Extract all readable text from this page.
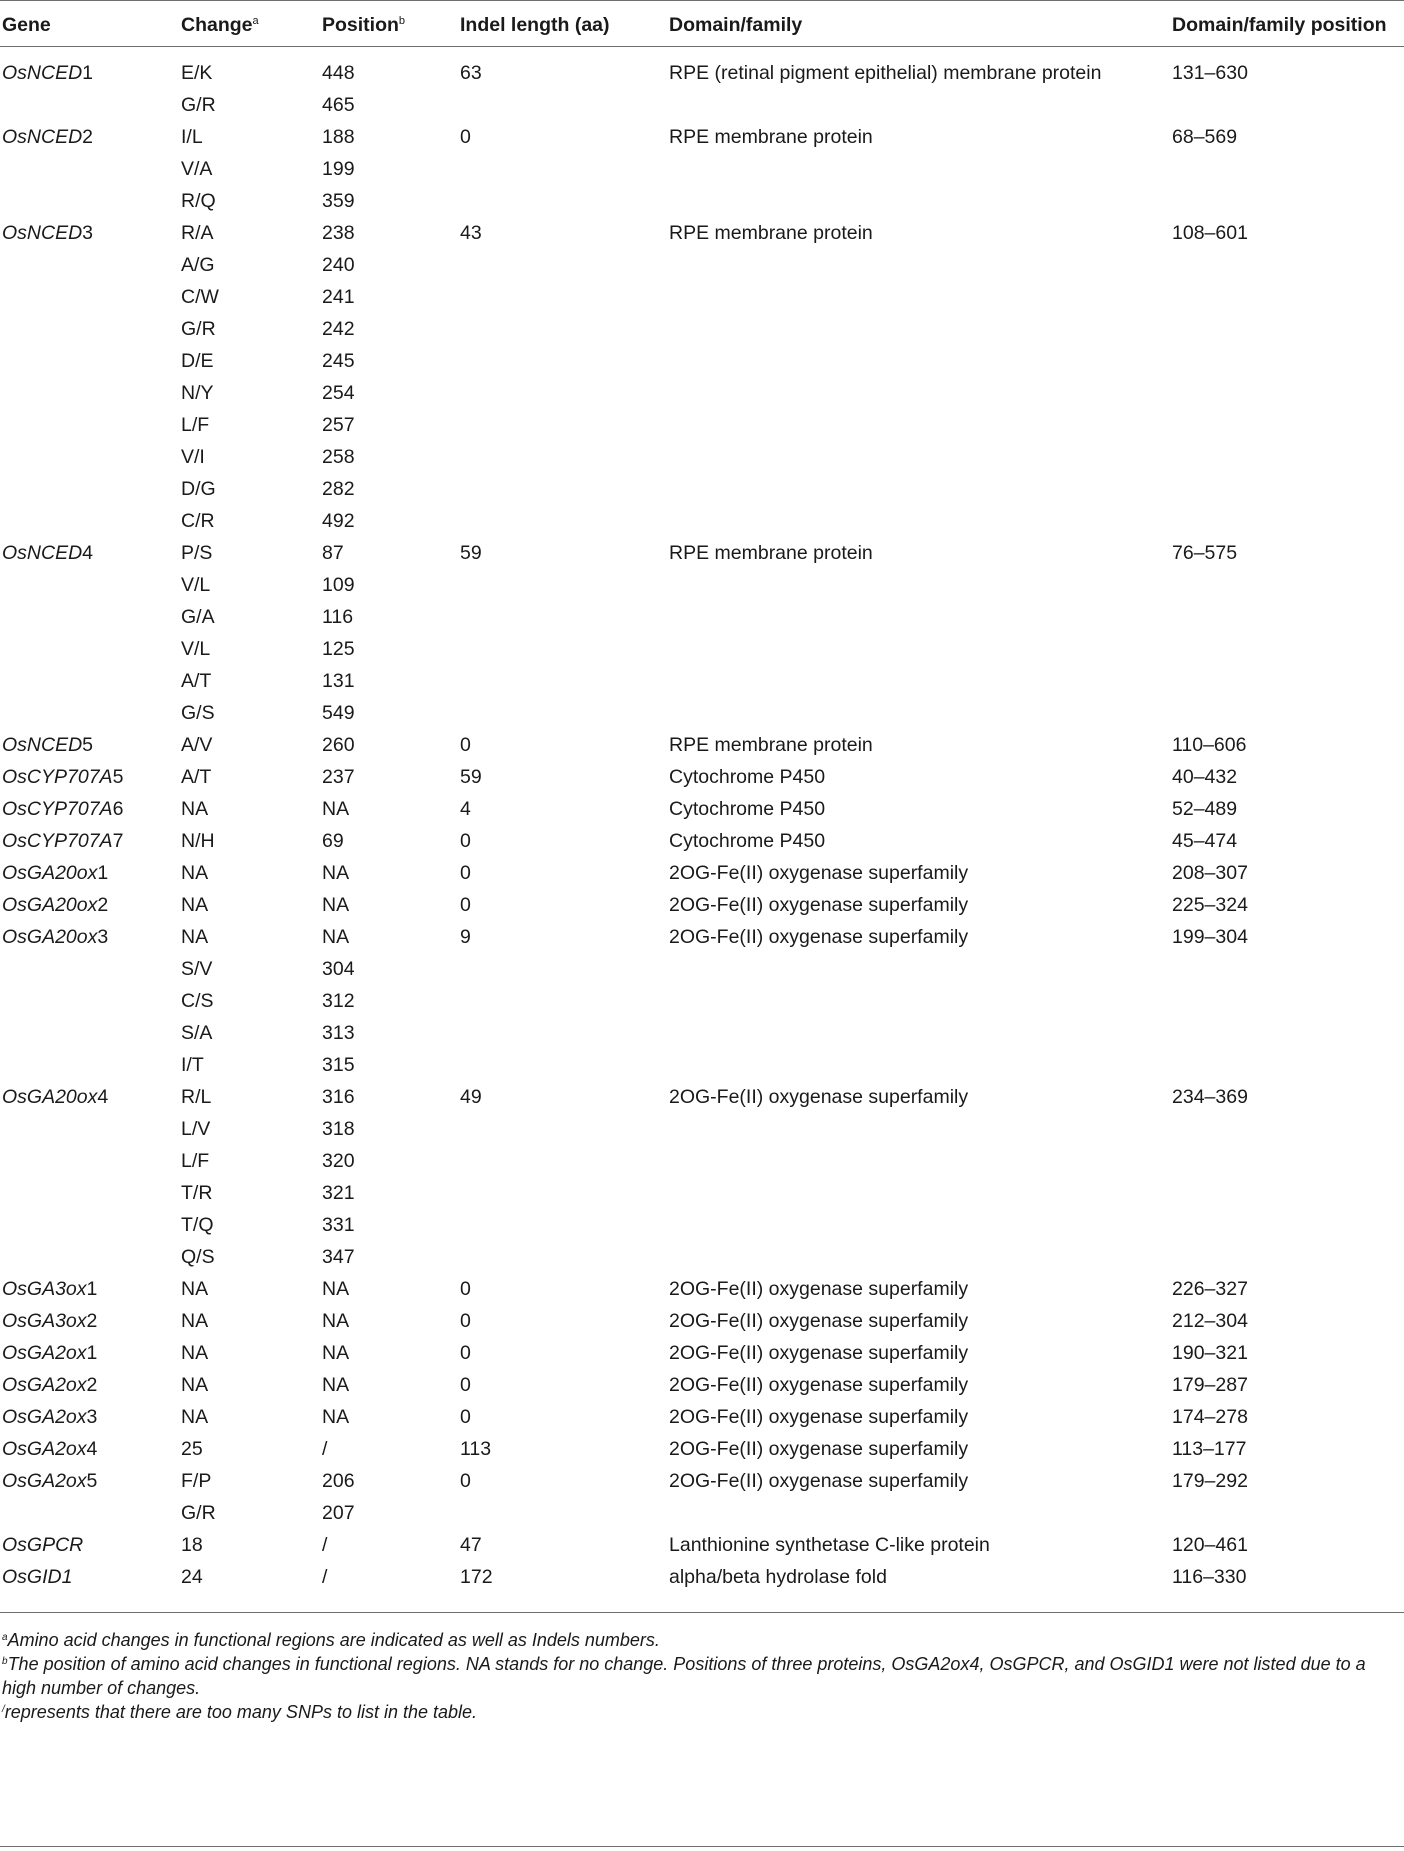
Gene	Change$^a$	Position$^b$	Indel length (aa)	Domain/family	Domain/family position
OsNCED1	E/K	448	63	RPE (retinal pigment epithelial) membrane protein	131–630
	G/R	465			
OsNCED2	I/L	188	0	RPE membrane protein	68–569
	V/A	199			
	R/Q	359			
OsNCED3	R/A	238	43	RPE membrane protein	108–601
	A/G	240			
	C/W	241			
	G/R	242			
	D/E	245			
	N/Y	254			
	L/F	257			
	V/I	258			
	D/G	282			
	C/R	492			
OsNCED4	P/S	87	59	RPE membrane protein	76–575
	V/L	109			
	G/A	116			
	V/L	125			
	A/T	131			
	G/S	549			
OsNCED5	A/V	260	0	RPE membrane protein	110–606
OsCYP707A5	A/T	237	59	Cytochrome P450	40–432
OsCYP707A6	NA	NA	4	Cytochrome P450	52–489
OsCYP707A7	N/H	69	0	Cytochrome P450	45–474
OsGA20ox1	NA	NA	0	2OG-Fe(II) oxygenase superfamily	208–307
OsGA20ox2	NA	NA	0	2OG-Fe(II) oxygenase superfamily	225–324
OsGA20ox3	NA	NA	9	2OG-Fe(II) oxygenase superfamily	199–304
	S/V	304			
	C/S	312			
	S/A	313			
	I/T	315			
OsGA20ox4	R/L	316	49	2OG-Fe(II) oxygenase superfamily	234–369
	L/V	318			
	L/F	320			
	T/R	321			
	T/Q	331			
	Q/S	347			
OsGA3ox1	NA	NA	0	2OG-Fe(II) oxygenase superfamily	226–327
OsGA3ox2	NA	NA	0	2OG-Fe(II) oxygenase superfamily	212–304
OsGA2ox1	NA	NA	0	2OG-Fe(II) oxygenase superfamily	190–321
OsGA2ox2	NA	NA	0	2OG-Fe(II) oxygenase superfamily	179–287
OsGA2ox3	NA	NA	0	2OG-Fe(II) oxygenase superfamily	174–278
OsGA2ox4	25	/	113	2OG-Fe(II) oxygenase superfamily	113–177
OsGA2ox5	F/P	206	0	2OG-Fe(II) oxygenase superfamily	179–292
	G/R	207			
OsGPCR	18	/	47	Lanthionine synthetase C-like protein	120–461
OsGID1	24	/	172	alpha/beta hydrolase fold	116–330

$^a$Amino acid changes in functional regions are indicated as well as Indels numbers.

$^b$The position of amino acid changes in functional regions. NA stands for no change. Positions of three proteins, OsGA2ox4, OsGPCR, and OsGID1 were not listed due to a high number of changes.

/represents that there are too many SNPs to list in the table.
